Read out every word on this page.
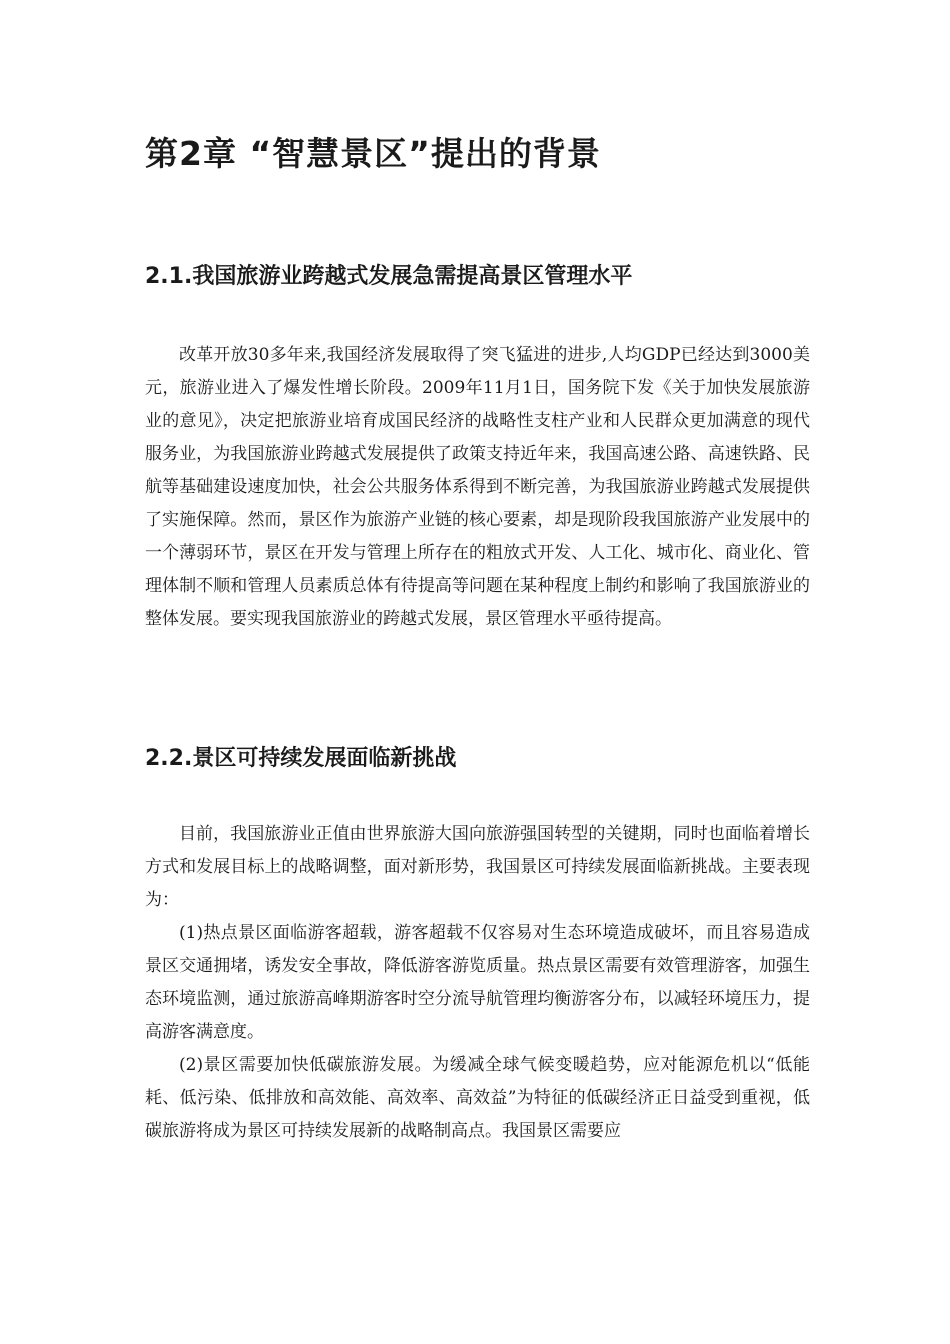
第2章 “智慧景区”提出的背景
2.1.我国旅游业跨越式发展急需提高景区管理水平

改革开放30多年来,我国经济发展取得了突飞猛进的进步,人均GDP已经达到3000美元，旅游业进入了爆发性增长阶段。2009年11月1日，国务院下发《关于加快发展旅游业的意见》，决定把旅游业培育成国民经济的战略性支柱产业和人民群众更加满意的现代服务业，为我国旅游业跨越式发展提供了政策支持近年来，我国高速公路、高速铁路、民航等基础建设速度加快，社会公共服务体系得到不断完善，为我国旅游业跨越式发展提供了实施保障。然而，景区作为旅游产业链的核心要素，却是现阶段我国旅游产业发展中的一个薄弱环节，景区在开发与管理上所存在的粗放式开发、人工化、城市化、商业化、管理体制不顺和管理人员素质总体有待提高等问题在某种程度上制约和影响了我国旅游业的整体发展。要实现我国旅游业的跨越式发展，景区管理水平亟待提高。

2.2.景区可持续发展面临新挑战

目前，我国旅游业正值由世界旅游大国向旅游强国转型的关键期，同时也面临着增长方式和发展目标上的战略调整，面对新形势，我国景区可持续发展面临新挑战。主要表现为：

(1)热点景区面临游客超载，游客超载不仅容易对生态环境造成破坏，而且容易造成景区交通拥堵，诱发安全事故，降低游客游览质量。热点景区需要有效管理游客，加强生态环境监测，通过旅游高峰期游客时空分流导航管理均衡游客分布，以减轻环境压力，提高游客满意度。

(2)景区需要加快低碳旅游发展。为缓减全球气候变暖趋势，应对能源危机以“低能耗、低污染、低排放和高效能、高效率、高效益”为特征的低碳经济正日益受到重视，低碳旅游将成为景区可持续发展新的战略制高点。我国景区需要应
